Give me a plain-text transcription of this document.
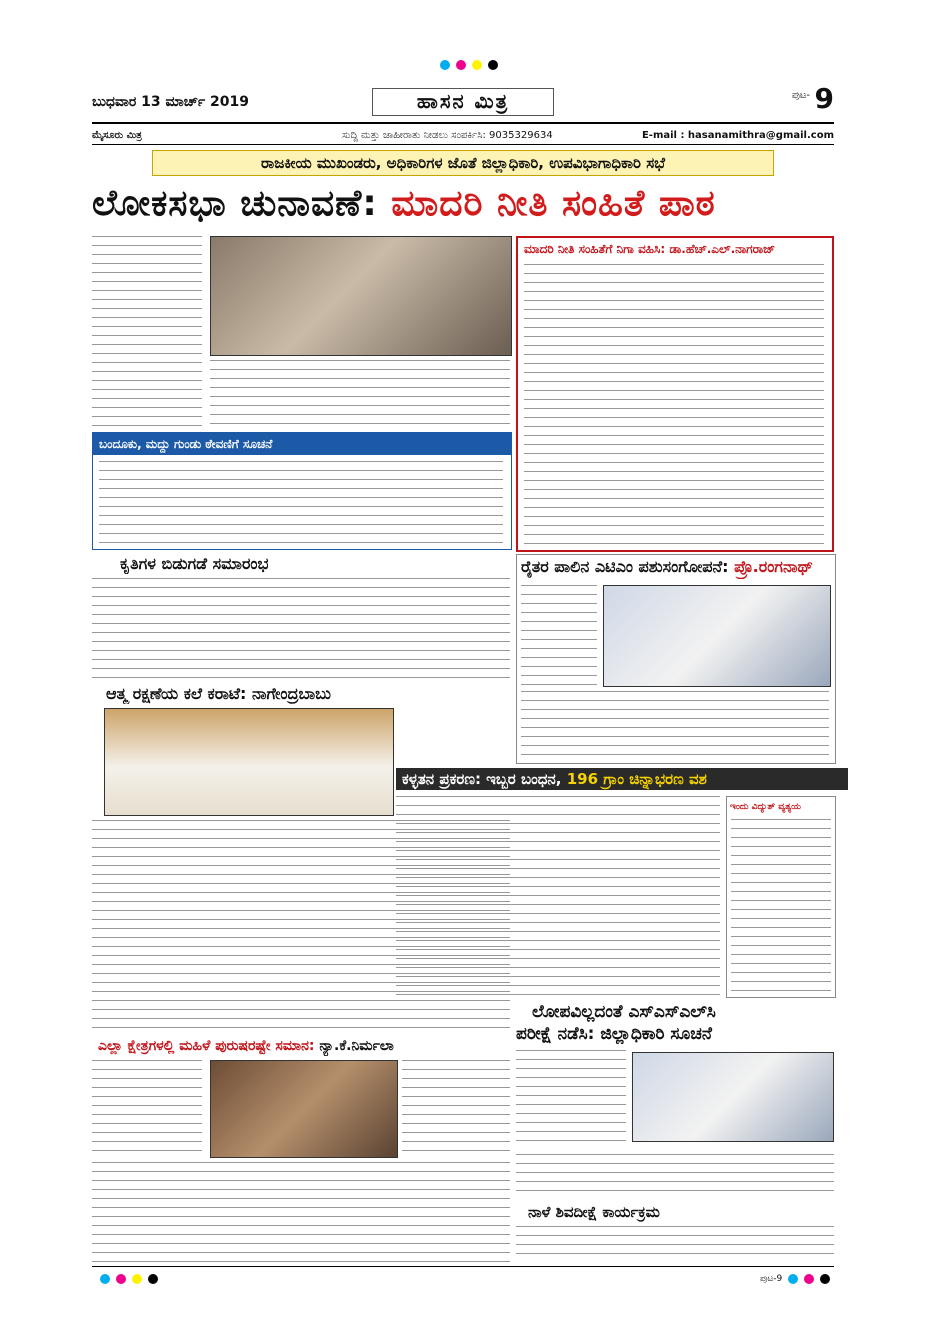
ಬುಧವಾರ 13 ಮಾರ್ಚ್ 2019	ಹಾಸನ ಮಿತ್ರ	ಪುಟ- 9
ಮೈಸೂರು ಮಿತ್ರ	ಸುದ್ದಿ ಮತ್ತು ಜಾಹೀರಾತು ನೀಡಲು ಸಂಪರ್ಕಿಸಿ: 9035329634	E-mail : hasanamithra@gmail.com
ರಾಜಕೀಯ ಮುಖಂಡರು, ಅಧಿಕಾರಿಗಳ ಜೊತೆ ಜಿಲ್ಲಾಧಿಕಾರಿ, ಉಪವಿಭಾಗಾಧಿಕಾರಿ ಸಭೆ
ಲೋಕಸಭಾ ಚುನಾವಣೆ: ಮಾದರಿ ನೀತಿ ಸಂಹಿತೆ ಪಾಠ
ಮಾದರಿ ನೀತಿ ಸಂಹಿತೆಗೆ ನಿಗಾ ವಹಿಸಿ: ಡಾ.ಹೆಚ್.ಎಲ್.ನಾಗರಾಜ್
ಬಂದೂಕು, ಮದ್ದು ಗುಂಡು ಠೇವಣಿಗೆ ಸೂಚನೆ
ಕೃತಿಗಳ ಬಿಡುಗಡೆ ಸಮಾರಂಭ	ರೈತರ ಪಾಲಿನ ಎಟಿಎಂ ಪಶುಸಂಗೋಪನೆ: ಪ್ರೊ.ರಂಗನಾಥ್
ಆತ್ಮ ರಕ್ಷಣೆಯ ಕಲೆ ಕರಾಟೆ: ನಾಗೇಂದ್ರಬಾಬು
ಕಳ್ಳತನ ಪ್ರಕರಣ: ಇಬ್ಬರ ಬಂಧನ, 196 ಗ್ರಾಂ ಚಿನ್ನಾಭರಣ ವಶ
ಇಂದು ವಿದ್ಯುತ್ ವ್ಯತ್ಯಯ
ಲೋಪವಿಲ್ಲದಂತೆ ಎಸ್‌ಎಸ್‌ಎಲ್‌ಸಿ
ಪರೀಕ್ಷೆ ನಡೆಸಿ: ಜಿಲ್ಲಾಧಿಕಾರಿ ಸೂಚನೆ
ಎಲ್ಲಾ ಕ್ಷೇತ್ರಗಳಲ್ಲಿ ಮಹಿಳೆ ಪುರುಷರಷ್ಟೇ ಸಮಾನ: ನ್ಯಾ.ಕೆ.ನಿರ್ಮಲಾ
ನಾಳೆ ಶಿವದೀಕ್ಷೆ ಕಾರ್ಯಕ್ರಮ
ಪುಟ-9
